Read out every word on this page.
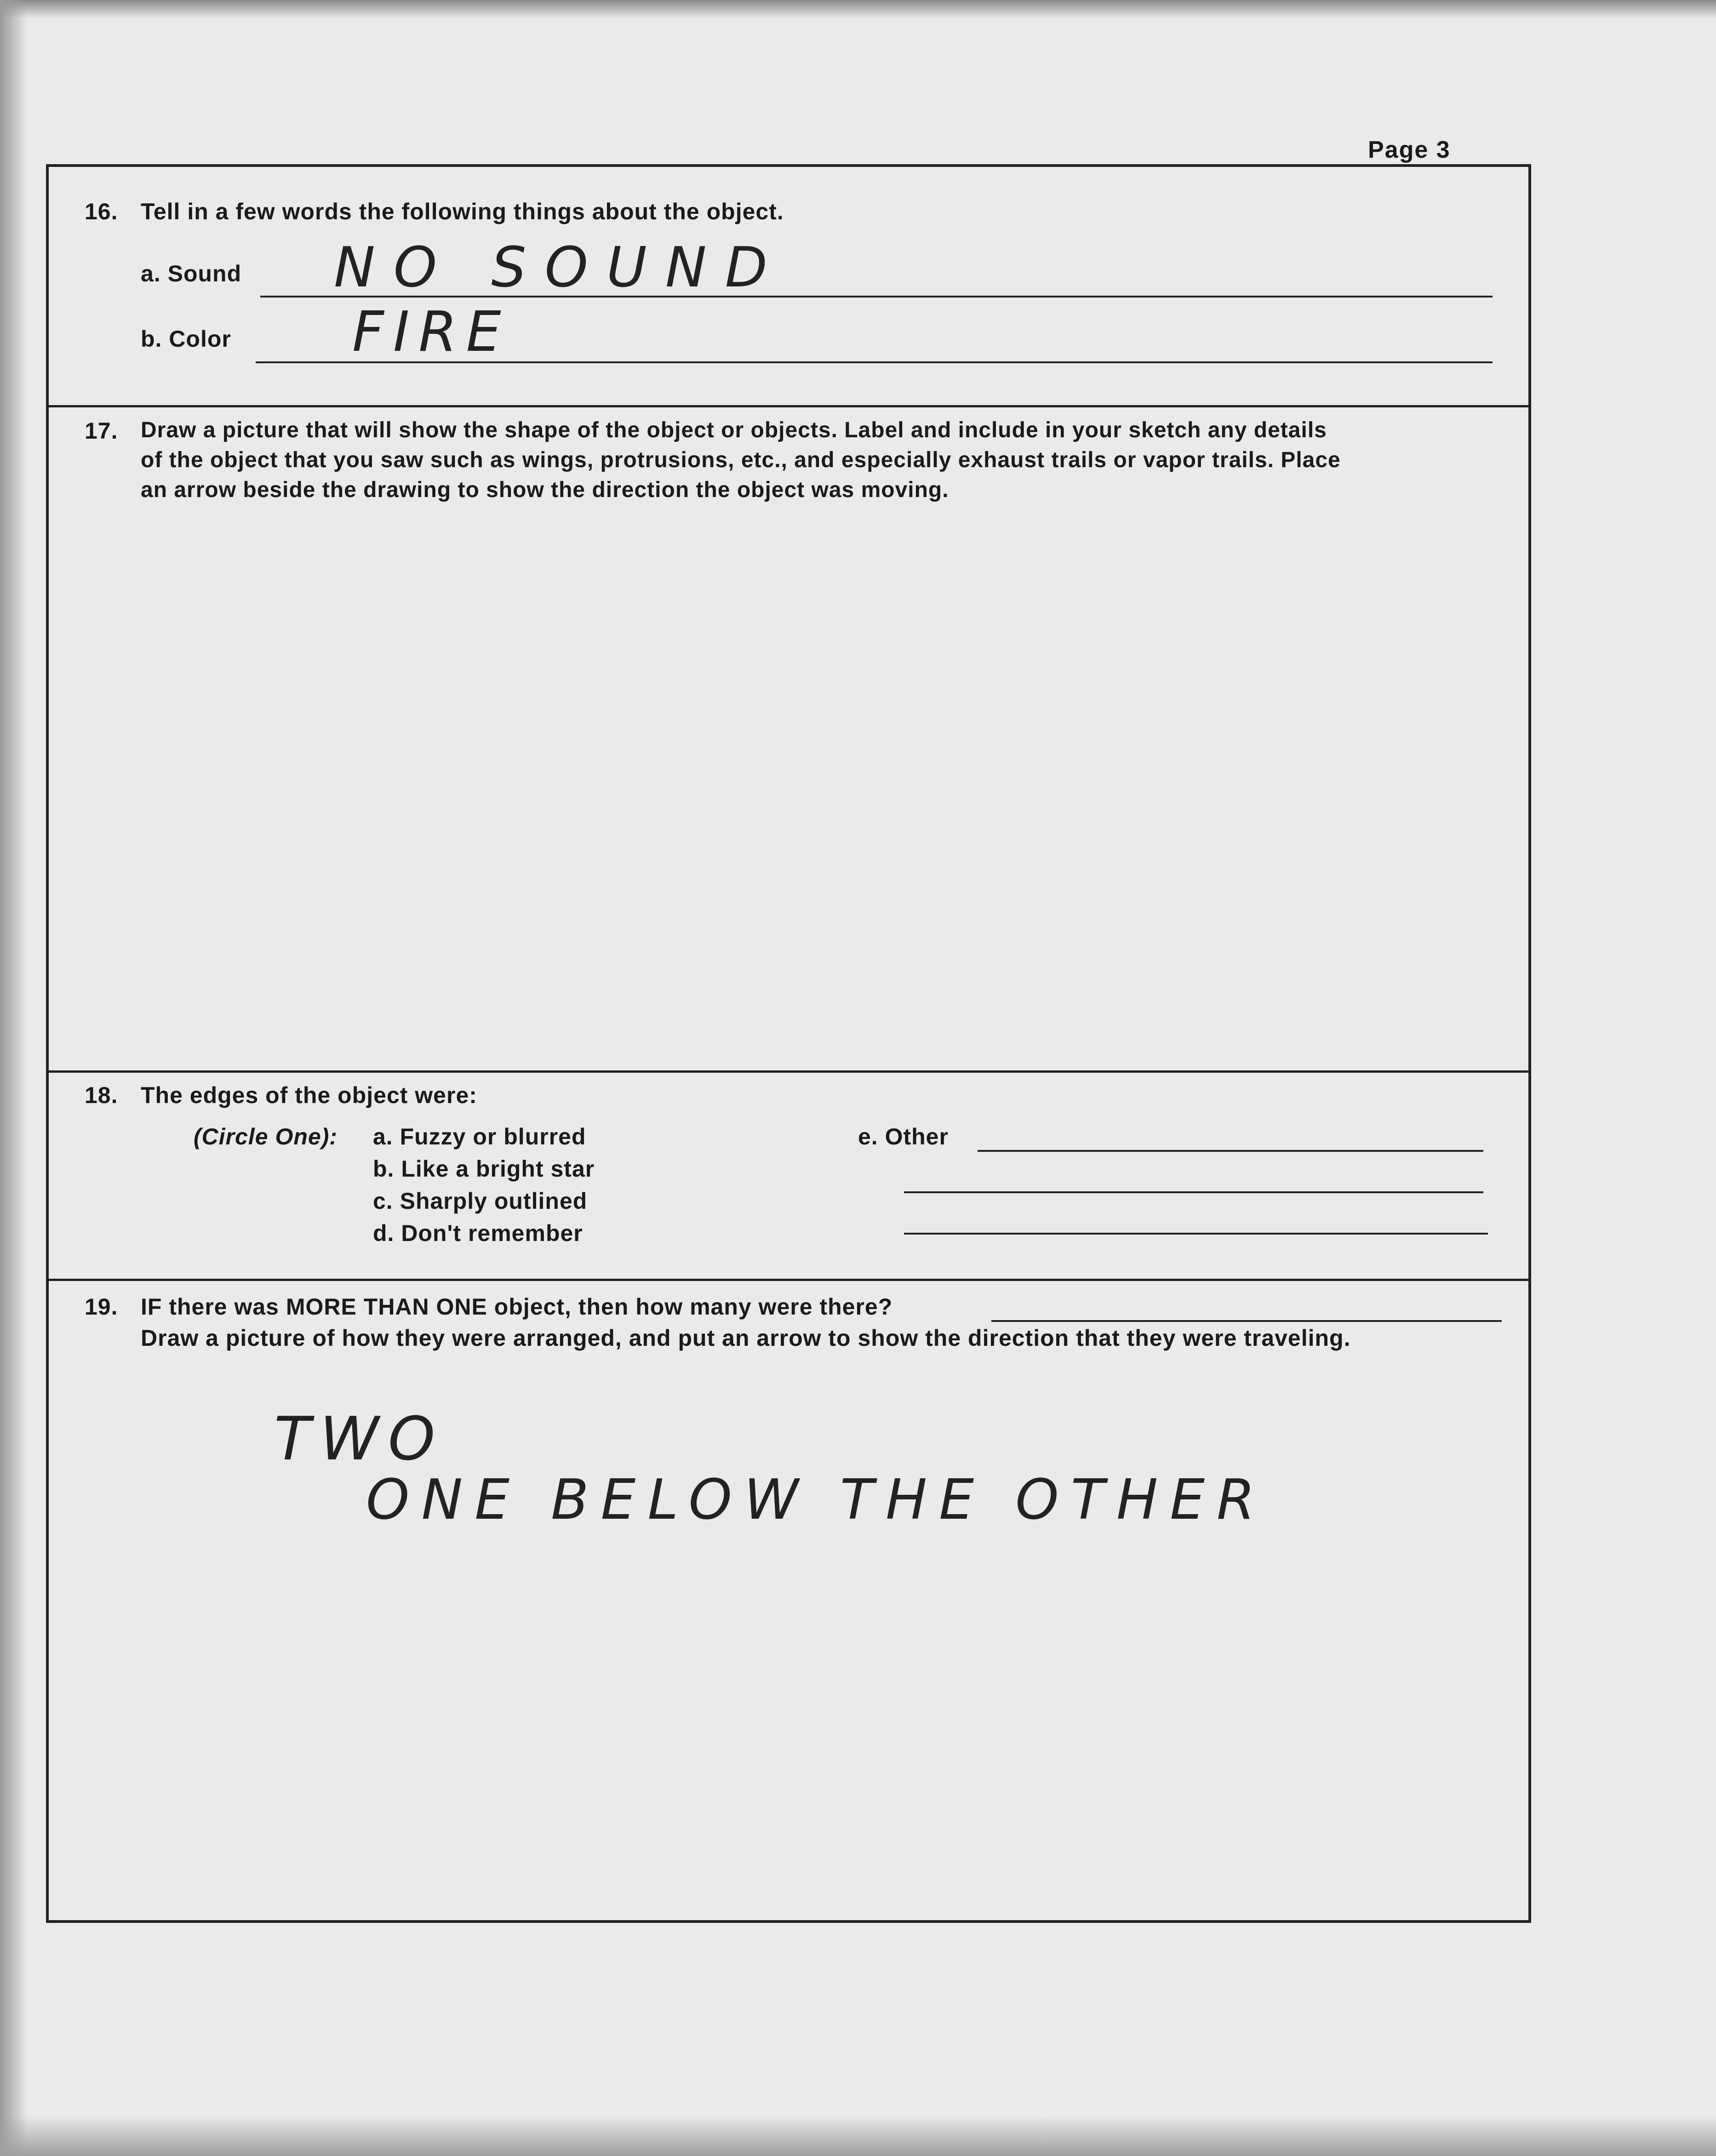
Page 3
16. Tell in a few words the following things about the object.
a. Sound NO SOUND
b. Color FIRE
17. Draw a picture that will show the shape of the object or objects. Label and include in your sketch any details
of the object that you saw such as wings, protrusions, etc., and especially exhaust trails or vapor trails. Place
an arrow beside the drawing to show the direction the object was moving.
18. The edges of the object were:
(Circle One): a. Fuzzy or blurred
b. Like a bright star
c. Sharply outlined
d. Don't remember
e. Other
19. IF there was MORE THAN ONE object, then how many were there?
Draw a picture of how they were arranged, and put an arrow to show the direction that they were traveling.
TWO
ONE BELOW THE OTHER
